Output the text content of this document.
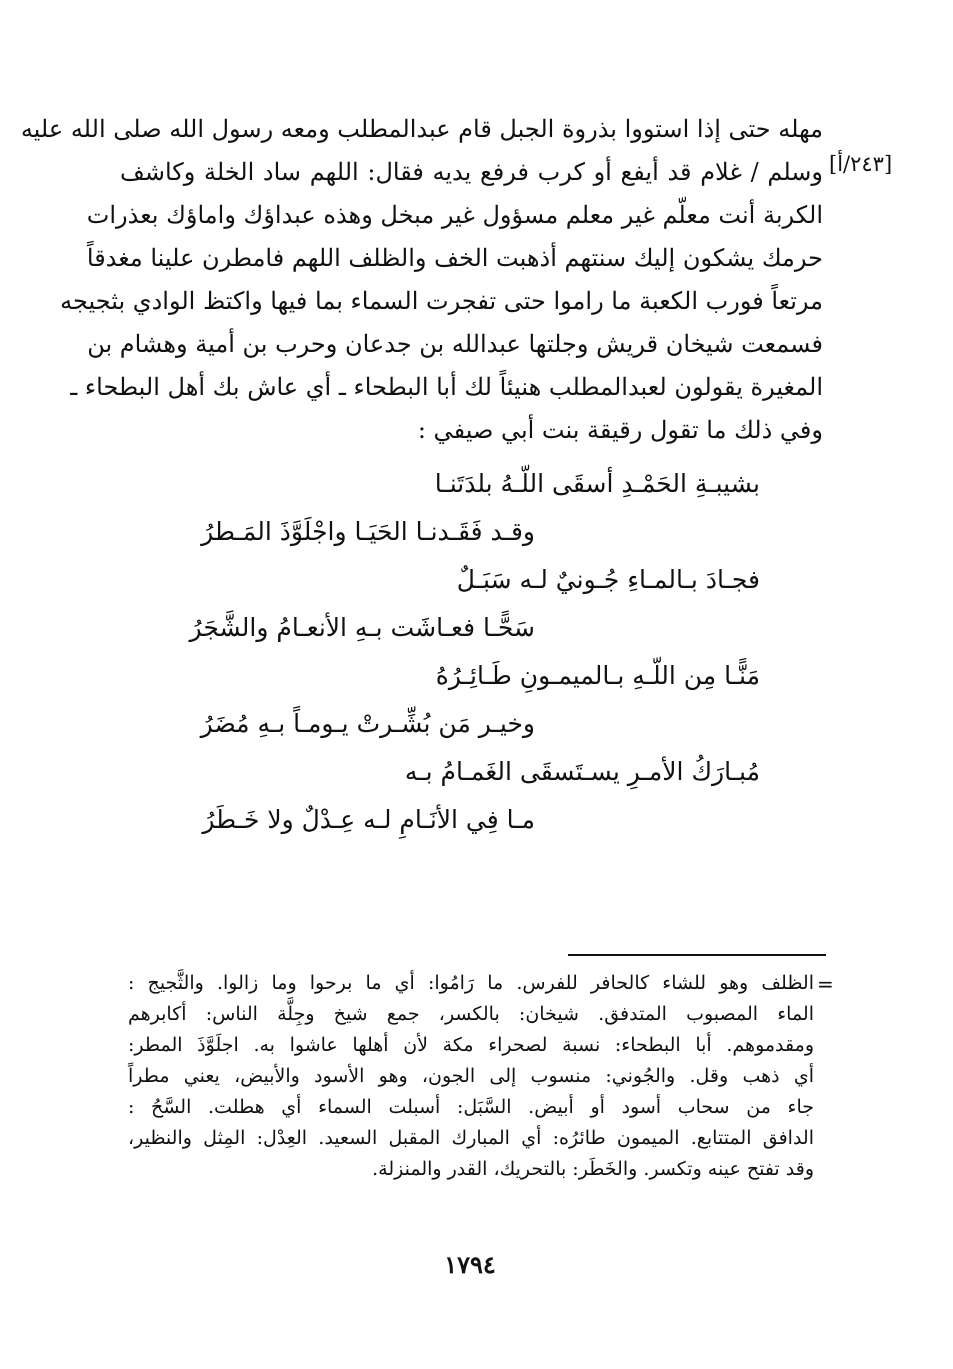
[٢٤٣/أ]
مهله حتى إذا استووا بذروة الجبل قام عبدالمطلب ومعه رسول الله صلى الله عليه
وسلم / غلام قد أيفع أو كرب فرفع يديه فقال: اللهم ساد الخلة وكاشف
الكربة أنت معلّم غير معلم مسؤول غير مبخل وهذه عبداؤك واماؤك بعذرات
حرمك يشكون إليك سنتهم أذهبت الخف والظلف اللهم فامطرن علينا مغدقاً
مرتعاً فورب الكعبة ما راموا حتى تفجرت السماء بما فيها واكتظ الوادي بثجيجه
فسمعت شيخان قريش وجلتها عبدالله بن جدعان وحرب بن أمية وهشام بن
المغيرة يقولون لعبدالمطلب هنيئاً لك أبا البطحاء ـ أي عاش بك أهل البطحاء ـ
وفي ذلك ما تقول رقيقة بنت أبي صيفي :
بشيبـةِ الحَمْـدِ أسقَى اللّـهُ بلدَتَنـا
وقـد فَقَـدنـا الحَيَـا واجْلَوَّذَ المَـطرُ
فجـادَ بـالمـاءِ جُـونيٌ لـه سَبَـلٌ
سَحًّـا فعـاشَت بـهِ الأنعـامُ والشَّجَرُ
مَنًّـا مِن اللّـهِ بـالميمـونِ طَـائِـرُهُ
وخيـر مَن بُشِّـرتْ يـومـاً بـهِ مُضَرُ
مُبـارَكُ الأمـرِ يسـتَسقَى الغَمـامُ بـه
مـا فِي الأنَـامِ لـه عِـدْلٌ ولا خَـطَرُ
=
الظلف وهو للشاء كالحافر للفرس. ما رَامُوا: أي ما برحوا وما زالوا. والثَّجيج :
الماء المصبوب المتدفق. شيخان: بالكسر، جمع شيخ وجِلَّة الناس: أكابرهم
ومقدموهم. أبا البطحاء: نسبة لصحراء مكة لأن أهلها عاشوا به. اجلَوَّذَ المطر:
أي ذهب وقل. والجُوني: منسوب إلى الجون، وهو الأسود والأبيض، يعني مطراً
جاء من سحاب أسود أو أبيض. السَّبَل: أسبلت السماء أي هطلت. السَّحُ :
الدافق المتتابع. الميمون طائرُه: أي المبارك المقبل السعيد. العِدْل: المِثل والنظير،
وقد تفتح عينه وتكسر. والخَطَر: بالتحريك، القدر والمنزلة.
١٧٩٤
